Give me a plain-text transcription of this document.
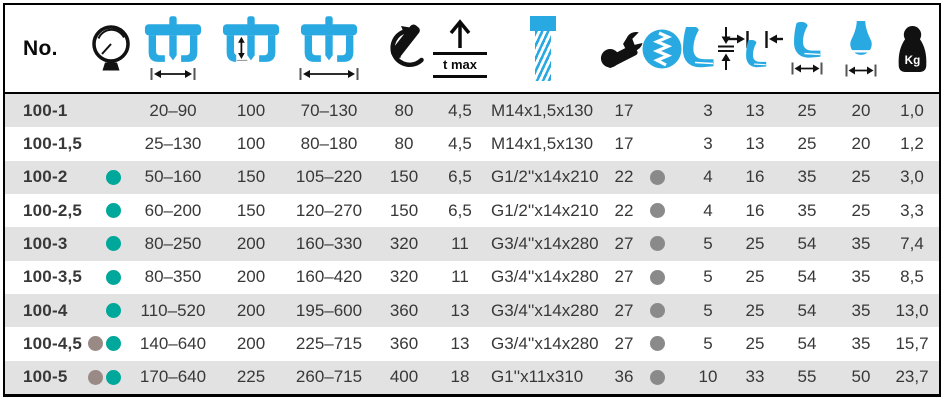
No.
t max	Kg
100-1	20–90	100	70–130	80	4,5	M14x1,5x130	17	3	13	25	20	1,0
100-1,5	25–130	100	80–180	80	4,5	M14x1,5x130	17	3	13	25	20	1,2
100-2	50–160	150	105–220	150	6,5	G1/2''x14x210 22	4	16	35	25	3,0
100-2,5	60–200	150	120–270	150	6,5	G1/2''x14x210 22	4	16	35	25	3,3
100-3	80–250	200	160–330	320	11	G3/4''x14x280 27	5	25	54	35	7,4
100-3,5	80–350	200	160–420	320	11	G3/4''x14x280 27	5	25	54	35	8,5
100-4	110–520	200	195–600	360	13	G3/4''x14x280 27	5	25	54	35	13,0
100-4,5	140–640	200	225–715	360	13	G3/4''x14x280 27	5	25	54	35	15,7
100-5	170–640	225	260–715	400	18	G1''x11x310	36	10	33	55	50	23,7
